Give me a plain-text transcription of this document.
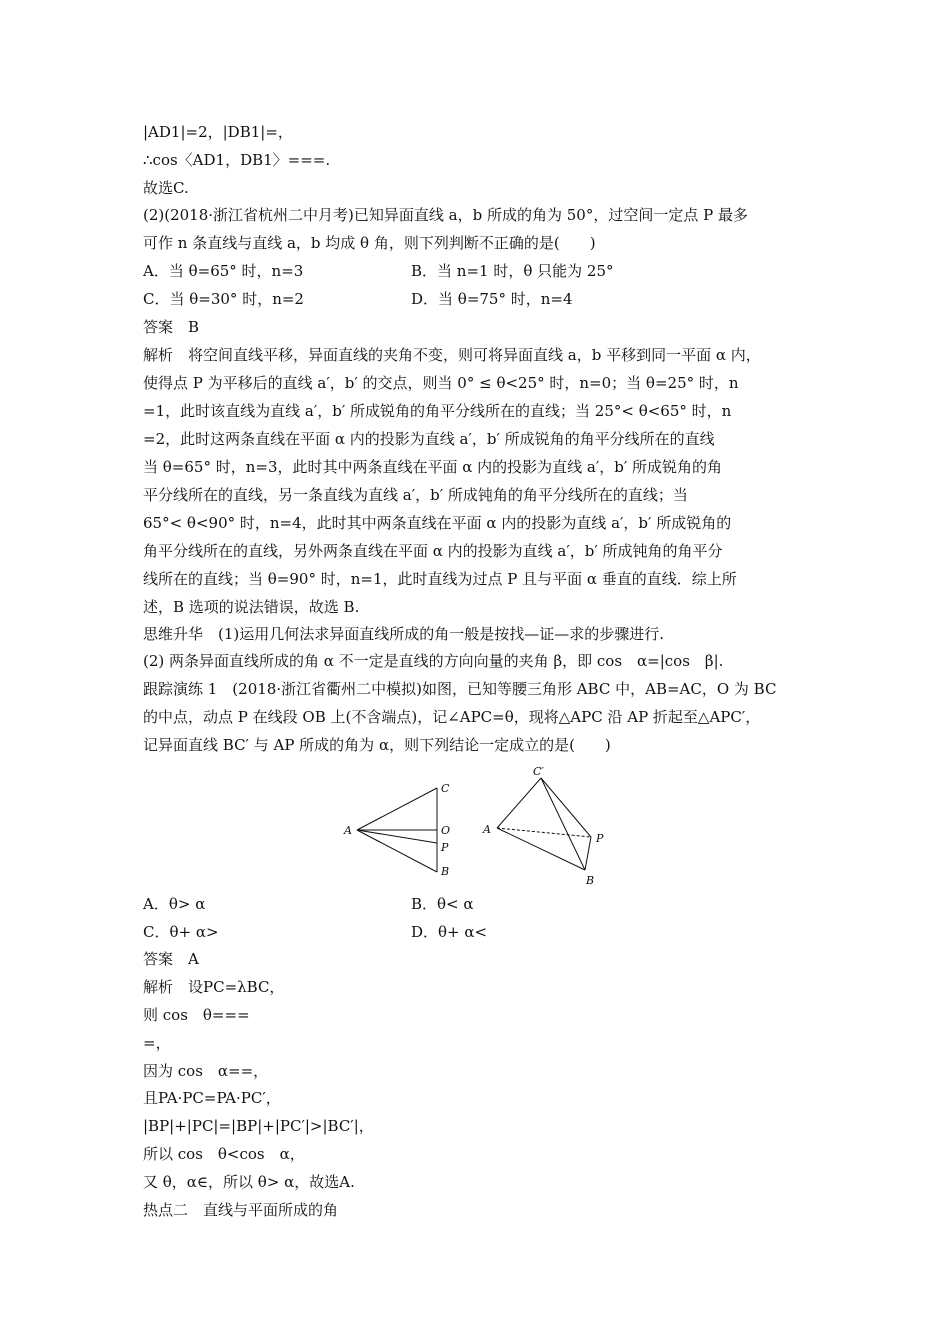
|AD1|=2，|DB1|=，
∴cos〈AD1，DB1〉===.
故选C.
(2)(2018·浙江省杭州二中月考)已知异面直线 a，b 所成的角为 50°，过空间一定点 P 最多
可作 n 条直线与直线 a，b 均成 θ 角，则下列判断不正确的是(　　)
A．当 θ=65° 时，n=3	B．当 n=1 时，θ 只能为 25°
C．当 θ=30° 时，n=2	D．当 θ=75° 时，n=4
答案　B
解析　将空间直线平移，异面直线的夹角不变，则可将异面直线 a，b 平移到同一平面 α 内，
使得点 P 为平移后的直线 a′，b′ 的交点，则当 0° ≤ θ<25° 时，n=0；当 θ=25° 时，n
=1，此时该直线为直线 a′，b′ 所成锐角的角平分线所在的直线；当 25°< θ<65° 时，n
=2，此时这两条直线在平面 α 内的投影为直线 a′，b′ 所成锐角的角平分线所在的直线
当 θ=65° 时，n=3，此时其中两条直线在平面 α 内的投影为直线 a′，b′ 所成锐角的角
平分线所在的直线，另一条直线为直线 a′，b′ 所成钝角的角平分线所在的直线；当
65°< θ<90° 时，n=4，此时其中两条直线在平面 α 内的投影为直线 a′，b′ 所成锐角的
角平分线所在的直线，另外两条直线在平面 α 内的投影为直线 a′，b′ 所成钝角的角平分
线所在的直线；当 θ=90° 时，n=1，此时直线为过点 P 且与平面 α 垂直的直线．综上所
述，B 选项的说法错误，故选 B.
思维升华　(1)运用几何法求异面直线所成的角一般是按找—证—求的步骤进行.
(2) 两条异面直线所成的角 α 不一定是直线的方向向量的夹角 β，即 cos　α=|cos　β|.
跟踪演练 1　(2018·浙江省衢州二中模拟)如图，已知等腰三角形 ABC 中，AB=AC，O 为 BC
的中点，动点 P 在线段 OB 上(不含端点)，记∠APC=θ，现将△APC 沿 AP 折起至△APC′，
记异面直线 BC′ 与 AP 所成的角为 α，则下列结论一定成立的是(　　)
A
C
O
P
B
C′
A
P
B
A．θ> α	B．θ< α
C．θ+ α>	D．θ+ α<
答案　A
解析　设PC=λBC，
则 cos　θ===
=，
因为 cos　α==，
且PA·PC=PA·PC′，
|BP|+|PC|=|BP|+|PC′|>|BC′|，
所以 cos　θ<cos　α，
又 θ，α∈，所以 θ> α，故选A.
热点二　直线与平面所成的角
